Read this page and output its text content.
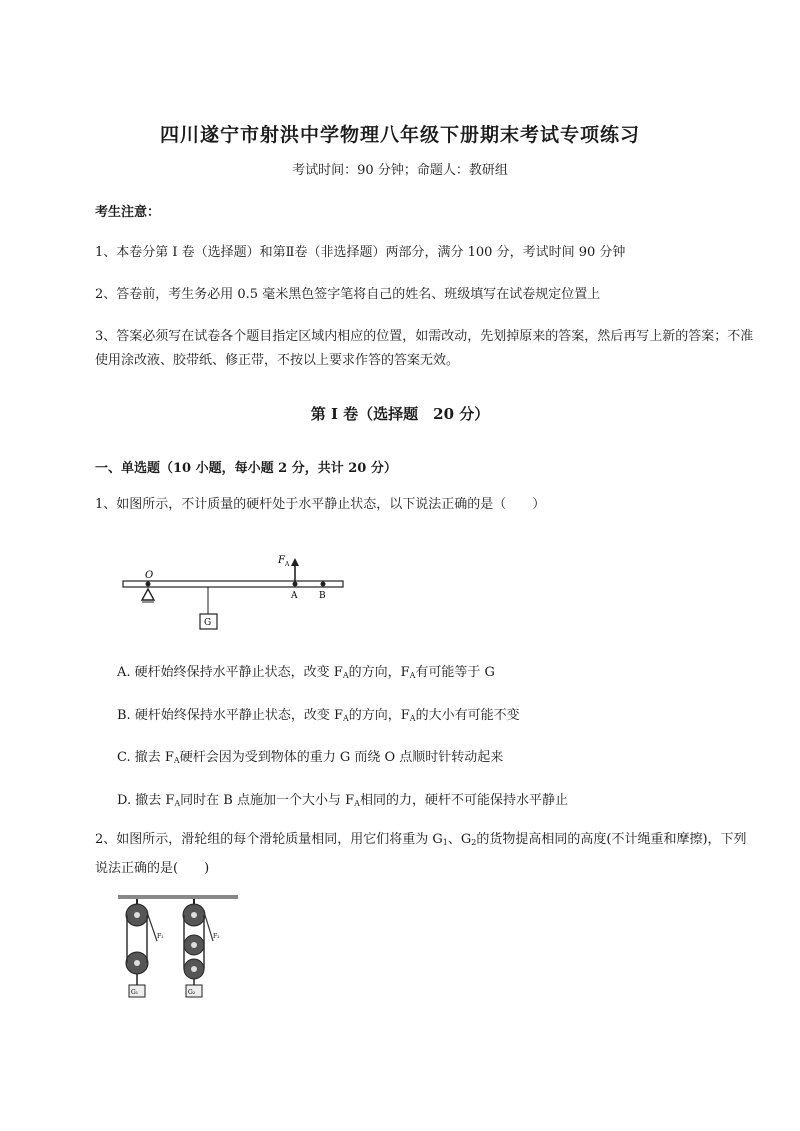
四川遂宁市射洪中学物理八年级下册期末考试专项练习
考试时间：90 分钟；命题人：教研组
考生注意：
1、本卷分第 I 卷（选择题）和第Ⅱ卷（非选择题）两部分，满分 100 分，考试时间 90 分钟
2、答卷前，考生务必用 0.5 毫米黑色签字笔将自己的姓名、班级填写在试卷规定位置上
3、答案必须写在试卷各个题目指定区域内相应的位置，如需改动，先划掉原来的答案，然后再写上新的答案；不准使用涂改液、胶带纸、修正带，不按以上要求作答的答案无效。
第 I 卷（选择题　20 分）
一、单选题（10 小题，每小题 2 分，共计 20 分）
1、如图所示，不计质量的硬杆处于水平静止状态，以下说法正确的是（　　）
O
G
F A
A B
A. 硬杆始终保持水平静止状态，改变 $F_A$的方向，$F_A$有可能等于 G
B. 硬杆始终保持水平静止状态，改变 $F_A$的方向，$F_A$的大小有可能不变
C. 撤去 $F_A$硬杆会因为受到物体的重力 G 而绕 O 点顺时针转动起来
D. 撤去 $F_A$同时在 B 点施加一个大小与 $F_A$相同的力，硬杆不可能保持水平静止
2、如图所示，滑轮组的每个滑轮质量相同，用它们将重为 $G_1$、$G_2$的货物提高相同的高度(不计绳重和摩擦)，下列说法正确的是(　　)
F₁
G₁
F₂
G₂
